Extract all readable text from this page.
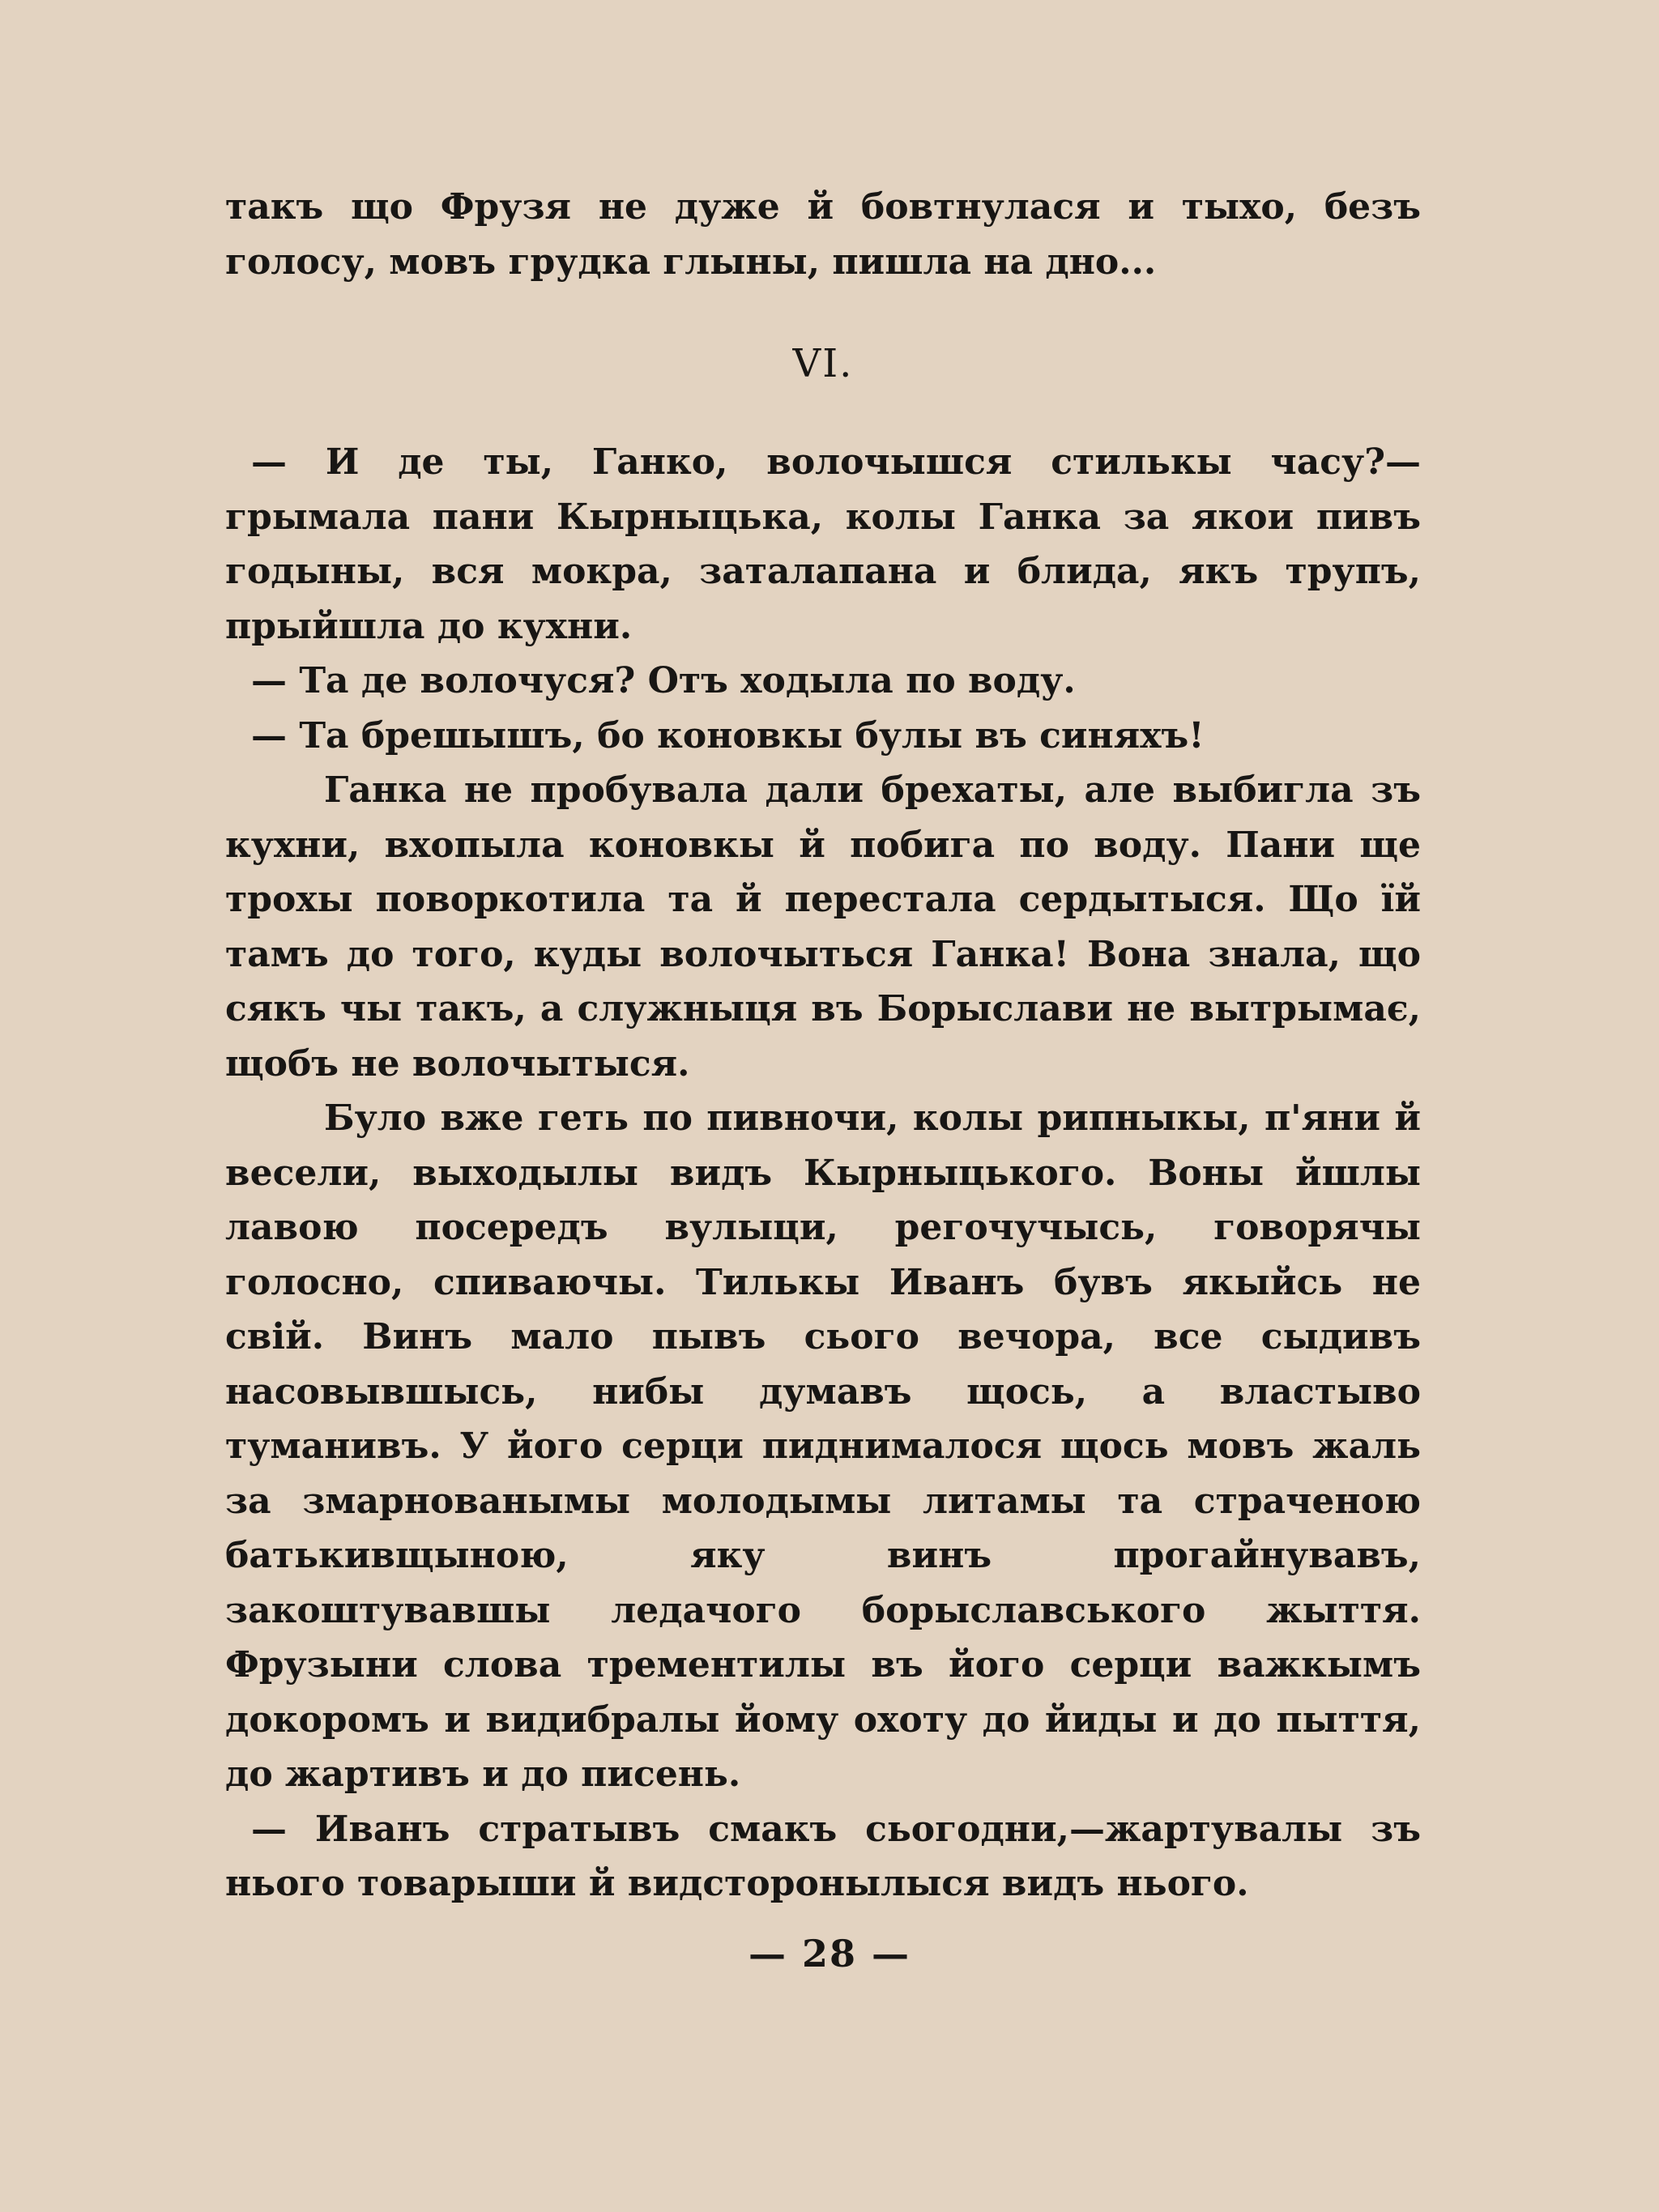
такъ що Фрузя не дуже й бовтнулася и тыхо, безъ голосу, мовъ грудка глыны, пишла на дно...

VI.

— И де ты, Ганко, волочышся стилькы часу?—грымала пани Кырныцька, колы Ганка за якои пивъ годыны, вся мокра, заталапана и блида, якъ трупъ, прыйшла до кухни.

— Та де волочуся? Отъ ходыла по воду.

— Та брешышъ, бо коновкы булы въ синяхъ!

Ганка не пробувала дали брехаты, але выбигла зъ кухни, вхопыла коновкы й побига по воду. Пани ще трохы поворкотила та й перестала сердытыся. Що їй тамъ до того, куды волочыться Ганка! Вона знала, що сякъ чы такъ, а служныця въ Борыслави не вытрымає, щобъ не волочытыся.

Було вже геть по пивночи, колы рипныкы, п'яни й весели, выходылы видъ Кырныцького. Воны йшлы лавою посередъ вулыци, регочучысь, говорячы голосно, спиваючы. Тилькы Иванъ бувъ якыйсь не свій. Винъ мало пывъ сього вечора, все сыдивъ насовывшысь, нибы думавъ щось, а властыво туманивъ. У його серци пиднималося щось мовъ жаль за змарнованымы молодымы литамы та страченою батькивщыною, яку винъ прогайнувавъ, закоштувавшы ледачого борыславського жыття. Фрузыни слова трементилы въ його серци важкымъ докоромъ и видибралы йому охоту до йиды и до пыття, до жартивъ и до писень.

— Иванъ стратывъ смакъ сьогодни,—жартувалы зъ нього товарыши й видсторонылыся видъ нього.

— 28 —
